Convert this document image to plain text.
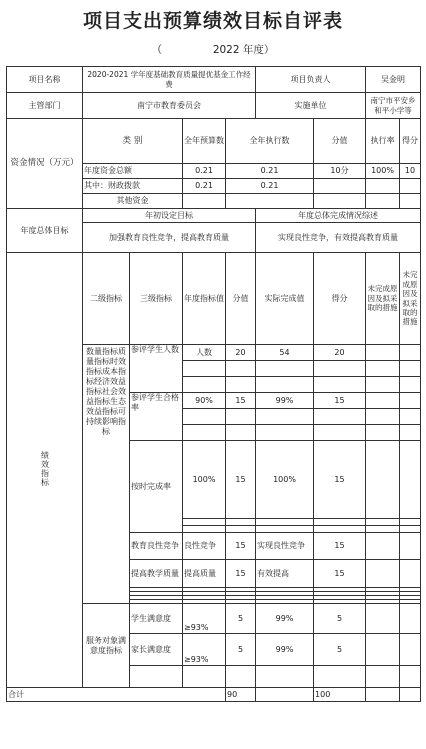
项目支出预算绩效目标自评表
（	2022 年度）
项目名称	2020-2021 学年度基础教育质量提优基金工作经费				项目负责人		吴金明	
主管部门	南宁市教育委员会				实施单位		南宁市平安乡和平小学等	
资金情况（万元）	类 别		全年预算数	全年执行数		分值	执行率	得分
	年度资金总额		0.21	0.21		10分	100%	10
	其中：财政拨款		0.21	0.21				
	其他资金							
年度总体目标	年初设定目标				年度总体完成情况综述			
	加强教育良性竞争，提高教育质量				实现良性竞争，有效提高教育质量			
绩效指标	二级指标	三级指标	年度指标值	分值	实际完成值	得分	未完成原因及拟采取的措施	未完成原因及拟采取的措施
	数量指标质量指标时效指标成本指标经济效益指标社会效益指标生态效益指标可持续影响指标	参评学生人数	人数	20	54	20		

		参评学生合格率	90%	15	99%	15		

		按时完成率	100%	15	100%	15		

		教育良性竞争	良性竞争	15	实现良性竞争	15		
		提高教学质量	提高质量	15	有效提高	15		

	服务对象满意度指标	学生满意度	≥93%	5	99%	5		
		家长满意度	≥93%	5	99%	5		

合计				90		100		
